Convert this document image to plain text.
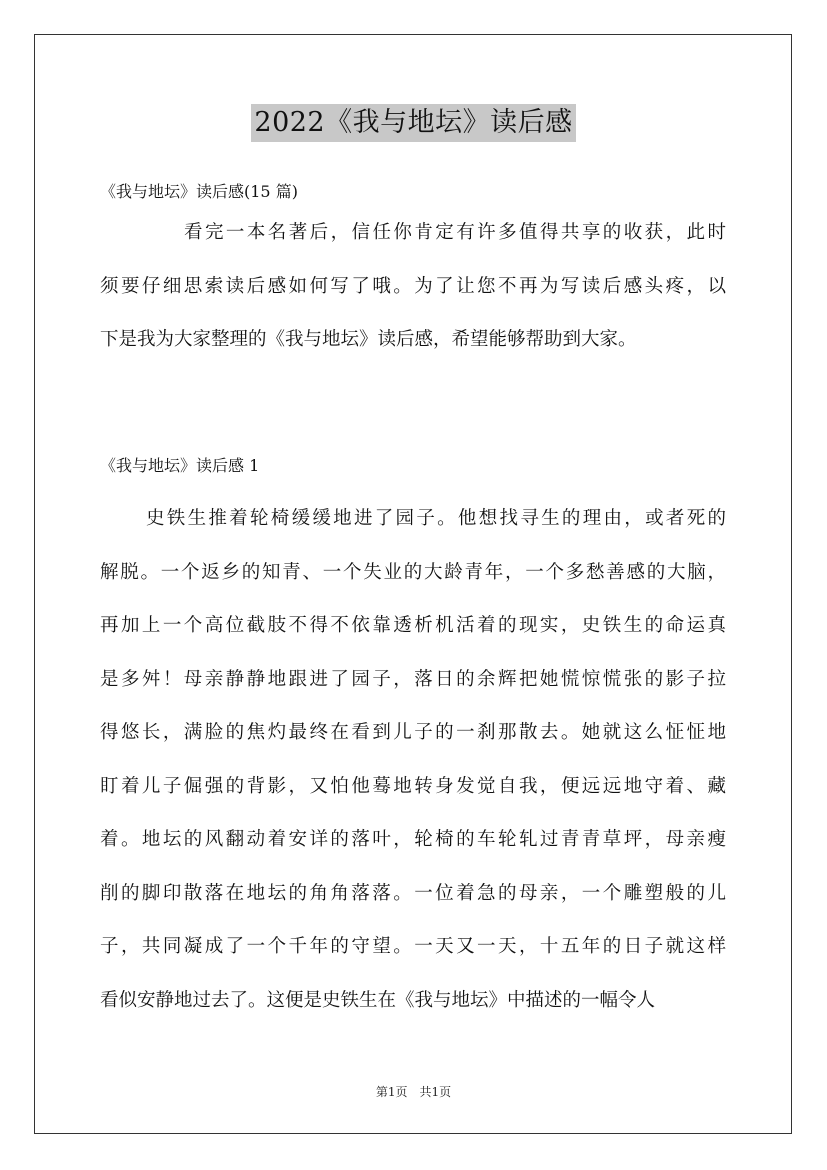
2022《我与地坛》读后感
《我与地坛》读后感(15 篇)

看完一本名著后，信任你肯定有许多值得共享的收获，此时
须要仔细思索读后感如何写了哦。为了让您不再为写读后感头疼，以
下是我为大家整理的《我与地坛》读后感，希望能够帮助到大家。

《我与地坛》读后感 1

史铁生推着轮椅缓缓地进了园子。他想找寻生的理由，或者死的
解脱。一个返乡的知青、一个失业的大龄青年，一个多愁善感的大脑，
再加上一个高位截肢不得不依靠透析机活着的现实，史铁生的命运真
是多舛！母亲静静地跟进了园子，落日的余辉把她慌惊慌张的影子拉
得悠长，满脸的焦灼最终在看到儿子的一刹那散去。她就这么怔怔地
盯着儿子倔强的背影，又怕他蓦地转身发觉自我，便远远地守着、藏
着。地坛的风翻动着安详的落叶，轮椅的车轮轧过青青草坪，母亲瘦
削的脚印散落在地坛的角角落落。一位着急的母亲，一个雕塑般的儿
子，共同凝成了一个千年的守望。一天又一天，十五年的日子就这样
看似安静地过去了。这便是史铁生在《我与地坛》中描述的一幅令人

第1页　共1页
